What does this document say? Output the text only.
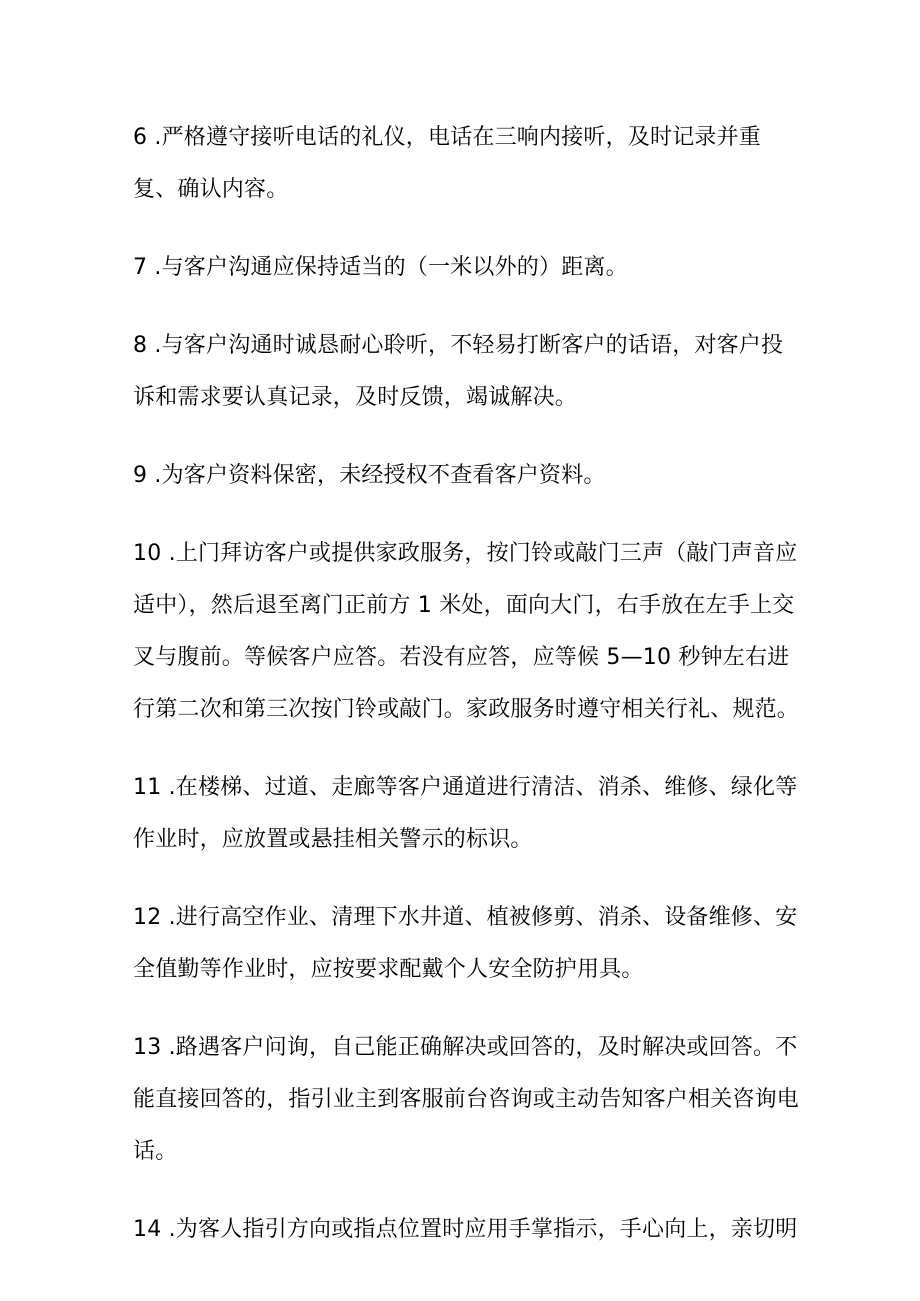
6 .严格遵守接听电话的礼仪，电话在三响内接听，及时记录并重复、确认内容。

7 .与客户沟通应保持适当的（一米以外的）距离。

8 .与客户沟通时诚恳耐心聆听，不轻易打断客户的话语，对客户投诉和需求要认真记录，及时反馈，竭诚解决。

9 .为客户资料保密，未经授权不查看客户资料。

10 .上门拜访客户或提供家政服务，按门铃或敲门三声（敲门声音应适中），然后退至离门正前方 1 米处，面向大门，右手放在左手上交叉与腹前。等候客户应答。若没有应答，应等候 5—10 秒钟左右进行第二次和第三次按门铃或敲门。家政服务时遵守相关行礼、规范。

11 .在楼梯、过道、走廊等客户通道进行清洁、消杀、维修、绿化等作业时，应放置或悬挂相关警示的标识。

12 .进行高空作业、清理下水井道、植被修剪、消杀、设备维修、安全值勤等作业时，应按要求配戴个人安全防护用具。

13 .路遇客户问询，自己能正确解决或回答的，及时解决或回答。不能直接回答的，指引业主到客服前台咨询或主动告知客户相关咨询电话。

14 .为客人指引方向或指点位置时应用手掌指示，手心向上，亲切明
